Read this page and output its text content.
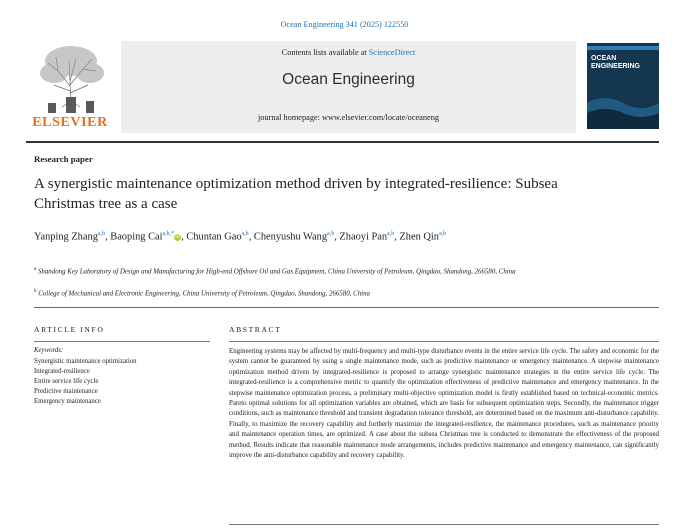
Ocean Engineering 341 (2025) 122550
ELSEVIER
Contents lists available at ScienceDirect
Ocean Engineering
journal homepage: www.elsevier.com/locate/oceaneng
OCEAN
ENGINEERING
Research paper
A synergistic maintenance optimization method driven by integrated-resilience: Subsea Christmas tree as a case
Yanping Zhang$^{a,b}$, Baoping Cai$^{a,b,*}$iD, Chuntan Gao$^{a,b}$, Chenyushu Wang$^{a,b}$, Zhaoyi Pan$^{a,b}$, Zhen Qin$^{a,b}$
$^a$ Shandong Key Laboratory of Design and Manufacturing for High-end Offshore Oil and Gas Equipment, China University of Petroleum, Qingdao, Shandong, 266580, China
$^b$ College of Mechanical and Electronic Engineering, China University of Petroleum, Qingdao, Shandong, 266580, China
ARTICLE INFO	ABSTRACT
Keywords:
Synergistic maintenance optimization
Integrated-resilience
Entire service life cycle
Predictive maintenance
Emergency maintenance
Engineering systems may be affected by multi-frequency and multi-type disturbance events in the entire service life cycle. The safety and economic for the system cannot be guaranteed by using a single maintenance mode, such as predictive maintenance or emergency maintenance. A stepwise maintenance optimization method driven by integrated-resilience is proposed to arrange synergistic maintenance strategies in the entire service life cycle. The integrated-resilience is a comprehensive metric to quantify the optimization effectiveness of predictive maintenance and emergency maintenance. In the stepwise maintenance optimization process, a preliminary multi-objective optimization model is firstly established based on technical-economic metrics. Pareto optimal solutions for all optimization variables are obtained, which are basis for subsequent optimization steps. Secondly, the maintenance trigger conditions, such as maintenance threshold and transient degradation tolerance threshold, are determined based on the maximum anti-disturbance capability. Finally, to maximize the recovery capability and furtherly maximize the integrated-resilience, the maintenance procedures, such as maintenance priority and maintenance operation times, are optimized. A case about the subsea Christmas tree is conducted to demonstrate the effectiveness of the proposed method. Results indicate that reasonable maintenance mode arrangements, includes predictive maintenance and emergency maintenance, can significantly improve the anti-disturbance capability and recovery capability.
